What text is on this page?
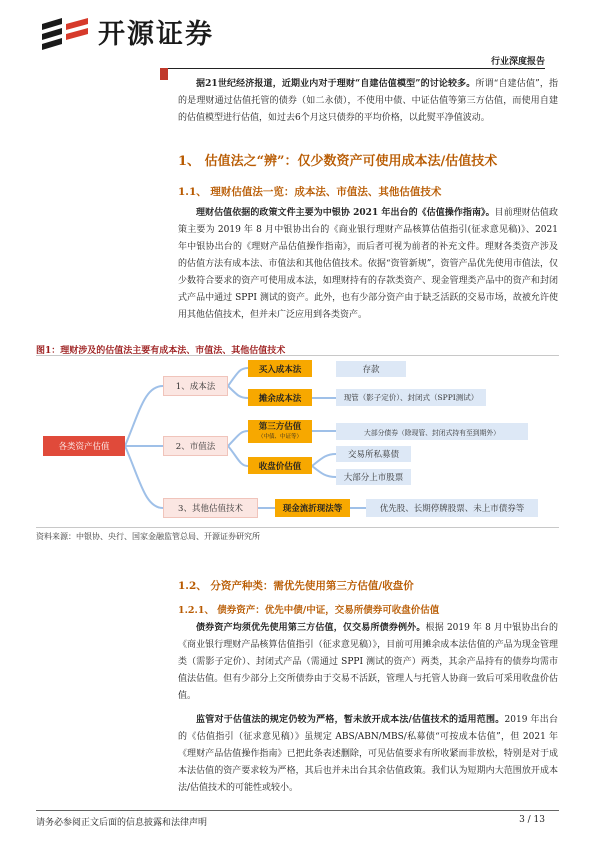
开源证券
行业深度报告
据21世纪经济报道，近期业内对于理财“自建估值模型”的讨论较多。所谓“自建估值”，指的是理财通过估值托管的债券（如二永债），不使用中债、中证估值等第三方估值，而使用自建的估值模型进行估值，如过去6个月这只债券的平均价格，以此熨平净值波动。
1、 估值法之“辨”：仅少数资产可使用成本法/估值技术
1.1、 理财估值法一览：成本法、市值法、其他估值技术
理财估值依据的政策文件主要为中银协 2021 年出台的《估值操作指南》。目前理财估值政策主要为 2019 年 8 月中银协出台的《商业银行理财产品核算估值指引(征求意见稿)》、2021 年中银协出台的《理财产品估值操作指南》，而后者可视为前者的补充文件。理财各类资产涉及的估值方法有成本法、市值法和其他估值技术。依据“资管新规”，资管产品优先使用市值法，仅少数符合要求的资产可使用成本法，如理财持有的存款类资产、现金管理类产品中的资产和封闭式产品中通过 SPPI 测试的资产。此外，也有少部分资产由于缺乏活跃的交易市场，故被允许使用其他估值技术，但并未广泛应用到各类资产。
图1：理财涉及的估值法主要有成本法、市值法、其他估值技术
各类资产估值
1、成本法
2、市值法
3、其他估值技术
买入成本法
摊余成本法
第三方估值
（中债、中证等）
收盘价估值
现金流折现法等
存款
现管（影子定价）、封闭式（SPPI测试）
大部分债券（除现管、封闭式持有至到期外）
交易所私募债
大部分上市股票
优先股、长期停牌股票、未上市债券等
资料来源：中银协、央行、国家金融监管总局、开源证券研究所
1.2、 分资产种类：需优先使用第三方估值/收盘价
1.2.1、 债券资产：优先中债/中证，交易所债券可收盘价估值
债券资产均须优先使用第三方估值，仅交易所债券例外。根据 2019 年 8 月中银协出台的《商业银行理财产品核算估值指引（征求意见稿）》，目前可用摊余成本法估值的产品为现金管理类（需影子定价）、封闭式产品（需通过 SPPI 测试的资产）两类，其余产品持有的债券均需市值法估值。但有少部分上交所债券由于交易不活跃，管理人与托管人协商一致后可采用收盘价估值。
监管对于估值法的规定仍较为严格，暂未放开成本法/估值技术的适用范围。2019 年出台的《估值指引（征求意见稿）》虽规定 ABS/ABN/MBS/私募债“可按成本估值”，但 2021 年《理财产品估值操作指南》已把此条表述删除，可见估值要求有所收紧而非放松，特别是对于成本法估值的资产要求较为严格，其后也并未出台其余估值政策。我们认为短期内大范围放开成本法/估值技术的可能性或较小。
请务必参阅正文后面的信息披露和法律声明	3 / 13
